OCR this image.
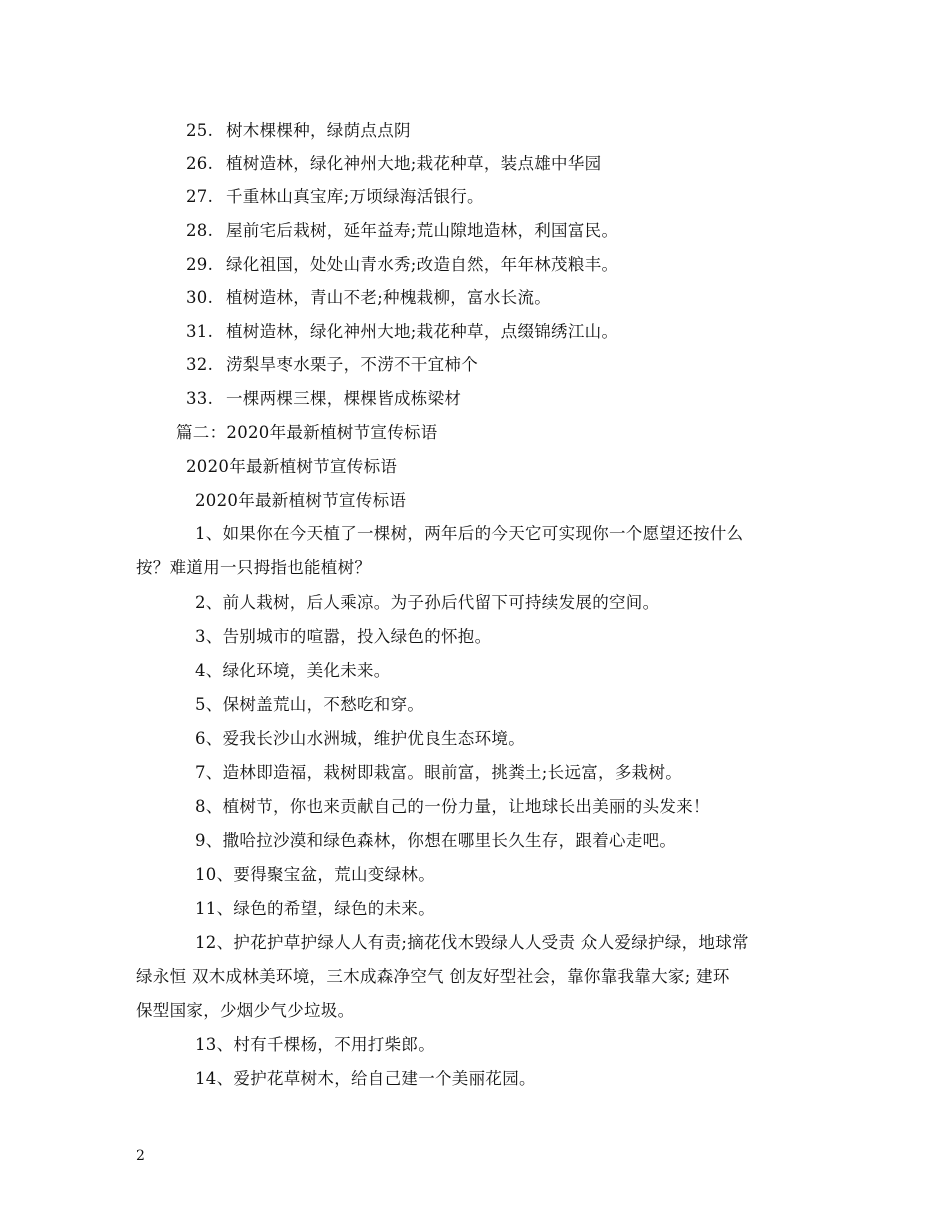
25. 树木棵棵种，绿荫点点阴
26. 植树造林，绿化神州大地;栽花种草，装点雄中华园
27. 千重林山真宝库;万顷绿海活银行。
28. 屋前宅后栽树，延年益寿;荒山隙地造林，利国富民。
29. 绿化祖国，处处山青水秀;改造自然，年年林茂粮丰。
30. 植树造林，青山不老;种槐栽柳，富水长流。
31. 植树造林，绿化神州大地;栽花种草，点缀锦绣江山。
32. 涝梨旱枣水栗子，不涝不干宜柿个
33. 一棵两棵三棵，棵棵皆成栋梁材
篇二：2020年最新植树节宣传标语
2020年最新植树节宣传标语
2020年最新植树节宣传标语
1、如果你在今天植了一棵树，两年后的今天它可实现你一个愿望还按什么
按？难道用一只拇指也能植树？
2、前人栽树，后人乘凉。为子孙后代留下可持续发展的空间。
3、告别城市的喧嚣，投入绿色的怀抱。
4、绿化环境，美化未来。
5、保树盖荒山，不愁吃和穿。
6、爱我长沙山水洲城，维护优良生态环境。
7、造林即造福，栽树即栽富。眼前富，挑粪土;长远富，多栽树。
8、植树节，你也来贡献自己的一份力量，让地球长出美丽的头发来！
9、撒哈拉沙漠和绿色森林，你想在哪里长久生存，跟着心走吧。
10、要得聚宝盆，荒山变绿林。
11、绿色的希望，绿色的未来。
12、护花护草护绿人人有责;摘花伐木毁绿人人受责 众人爱绿护绿，地球常
绿永恒 双木成林美环境，三木成森净空气 创友好型社会，靠你靠我靠大家; 建环
保型国家，少烟少气少垃圾。
13、村有千棵杨，不用打柴郎。
14、爱护花草树木，给自己建一个美丽花园。
2
